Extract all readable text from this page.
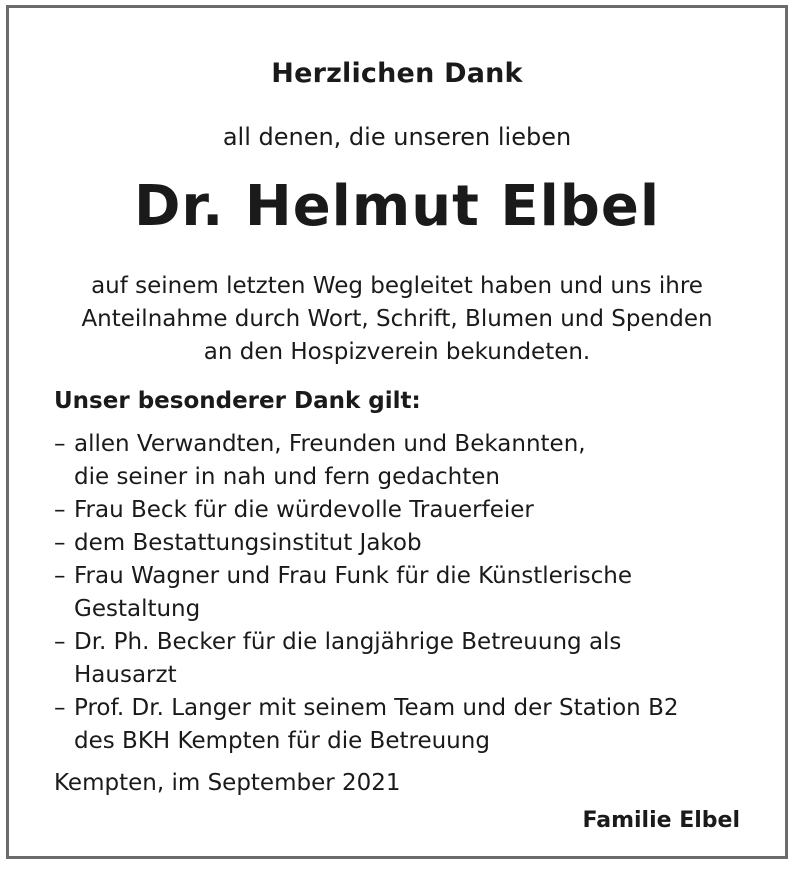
Herzlichen Dank
all denen, die unseren lieben
Dr. Helmut Elbel
auf seinem letzten Weg begleitet haben und uns ihre
Anteilnahme durch Wort, Schrift, Blumen und Spenden
an den Hospizverein bekundeten.
Unser besonderer Dank gilt:
– allen Verwandten, Freunden und Bekannten,
die seiner in nah und fern gedachten
– Frau Beck für die würdevolle Trauerfeier
– dem Bestattungsinstitut Jakob
– Frau Wagner und Frau Funk für die Künstlerische
Gestaltung
– Dr. Ph. Becker für die langjährige Betreuung als
Hausarzt
– Prof. Dr. Langer mit seinem Team und der Station B2
des BKH Kempten für die Betreuung
Kempten, im September 2021
Familie Elbel
